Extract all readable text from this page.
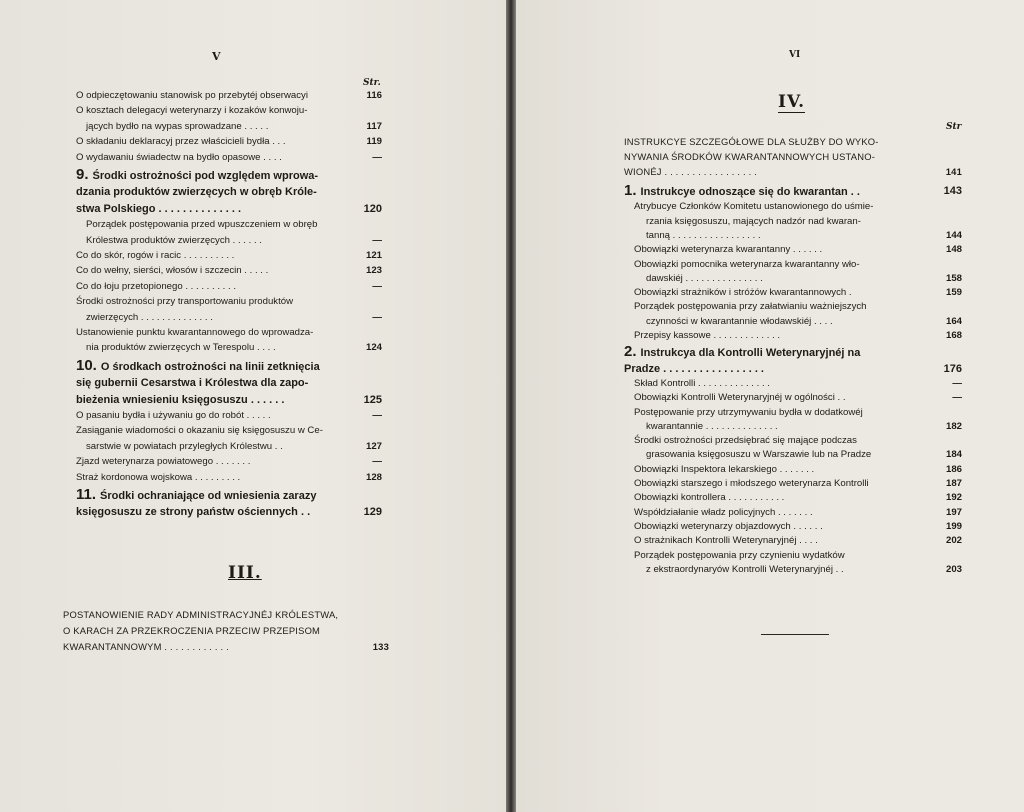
V
Str.
O odpieczętowaniu stanowisk po przebytéj obserwacyi	116
O kosztach delegacyi weterynarzy i kozaków konwoju-
jących bydło na wypas sprowadzane . . . . .	117
O składaniu deklaracyj przez właścicieli bydła . . .	119
O wydawaniu świadectw na bydło opasowe . . . .	—
9. Środki ostrożności pod względem wprowa-
dzania produktów zwierzęcych w obręb Króle-
stwa Polskiego . . . . . . . . . . . . . .	120
Porządek postępowania przed wpuszczeniem w obręb
Królestwa produktów zwierzęcych . . . . . .	—
Co do skór, rogów i racic . . . . . . . . . .	121
Co do wełny, sierści, włosów i szczecin . . . . .	123
Co do łoju przetopionego . . . . . . . . . .	—
Środki ostrożności przy transportowaniu produktów
zwierzęcych . . . . . . . . . . . . . .	—
Ustanowienie punktu kwarantannowego do wprowadza-
nia produktów zwierzęcych w Terespolu . . . .	124
10. O środkach ostrożności na linii zetknięcia
się gubernii Cesarstwa i Królestwa dla zapo-
bieżenia wniesieniu księgosuszu . . . . . .	125
O pasaniu bydła i używaniu go do robót . . . . .	—
Zasiąganie wiadomości o okazaniu się księgosuszu w Ce-
sarstwie w powiatach przyległych Królestwu . .	127
Zjazd weterynarza powiatowego . . . . . . .	—
Straż kordonowa wojskowa . . . . . . . . .	128
11. Środki ochraniające od wniesienia zarazy
księgosuszu ze strony państw ościennych . .	129
III.
POSTANOWIENIE RADY ADMINISTRACYJNÉJ KRÓLESTWA,
O KARACH ZA PRZEKROCZENIA PRZECIW PRZEPISOM
KWARANTANNOWYM . . . . . . . . . . . .	133
VI
IV.
Str
INSTRUKCYE SZCZEGÓŁOWE DLA SŁUŻBY DO WYKO-
NYWANIA ŚRODKÓW KWARANTANNOWYCH USTANO-
WIONÉJ . . . . . . . . . . . . . . . . .	141
1. Instrukcye odnoszące się do kwarantan . .	143
Atrybucye Członków Komitetu ustanowionego do uśmie-
rzania księgosuszu, mających nadzór nad kwaran-
tanną . . . . . . . . . . . . . . . . .	144
Obowiązki weterynarza kwarantanny . . . . . .	148
Obowiązki pomocnika weterynarza kwarantanny wło-
dawskiéj . . . . . . . . . . . . . . .	158
Obowiązki strażników i stróżów kwarantannowych .	159
Porządek postępowania przy załatwianiu ważniejszych
czynności w kwarantannie włodawskiéj . . . .	164
Przepisy kassowe . . . . . . . . . . . . .	168
2. Instrukcya dla Kontrolli Weterynaryjnéj na
Pradze . . . . . . . . . . . . . . . . .	176
Skład Kontrolli . . . . . . . . . . . . . .	—
Obowiązki Kontrolli Weterynaryjnéj w ogólności . .	—
Postępowanie przy utrzymywaniu bydła w dodatkowéj
kwarantannie . . . . . . . . . . . . . .	182
Środki ostrożności przedsiębrać się mające podczas
grasowania księgosuszu w Warszawie lub na Pradze	184
Obowiązki Inspektora lekarskiego . . . . . . .	186
Obowiązki starszego i młodszego weterynarza Kontrolli	187
Obowiązki kontrollera . . . . . . . . . . .	192
Współdziałanie władz policyjnych . . . . . . .	197
Obowiązki weterynarzy objazdowych . . . . . .	199
O strażnikach Kontrolli Weterynaryjnéj . . . .	202
Porządek postępowania przy czynieniu wydatków
z ekstraordynaryów Kontrolli Weterynaryjnéj . .	203
